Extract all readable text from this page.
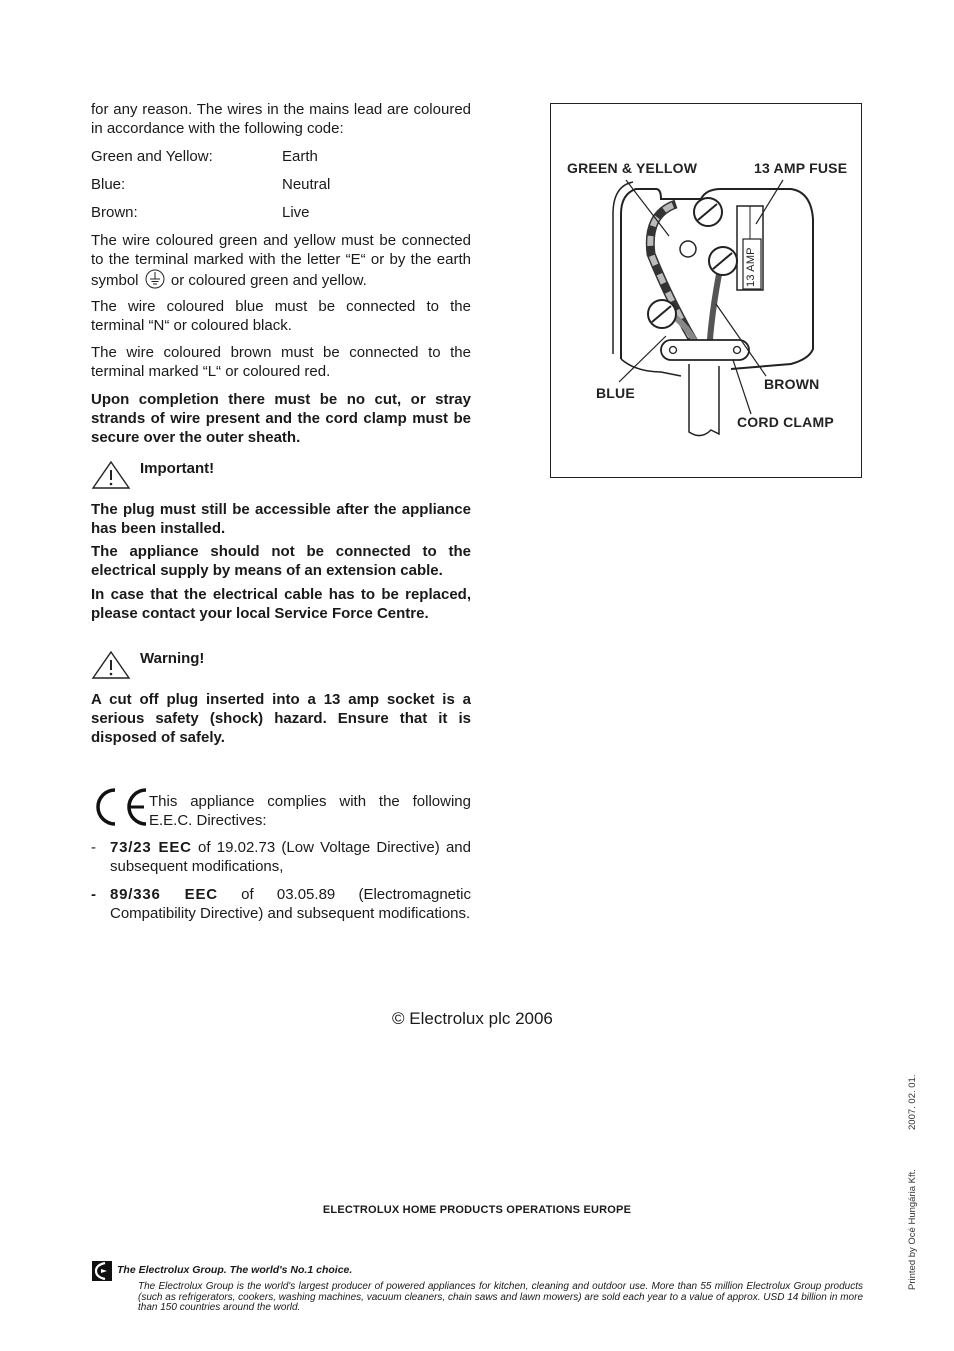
for any reason. The wires in the mains lead are coloured in accordance with the following code:

Green and Yellow:	Earth
Blue:	Neutral
Brown:	Live

The wire coloured green and yellow must be connected to the terminal marked with the letter “E“ or by the earth symbol or coloured green and yellow.

The wire coloured blue must be connected to the terminal “N“ or coloured black.

The wire coloured brown must be connected to the terminal marked “L“ or coloured red.

Upon completion there must be no cut, or stray strands of wire present and the cord clamp must be secure over the outer sheath.

Important!

The plug must still be accessible after the appliance has been installed.

The appliance should not be connected to the electrical supply by means of an extension cable.

In case that the electrical cable has to be replaced, please contact your local Service Force Centre.

Warning!

A cut off plug inserted into a 13 amp socket is a serious safety (shock) hazard. Ensure that it is disposed of safely.

This appliance complies with the following E.E.C. Directives:

- 73/23 EEC of 19.02.73 (Low Voltage Directive) and subsequent modifications,

- 89/336 EEC of 03.05.89 (Electromagnetic Compatibility Directive) and subsequent modifications.

GREEN & YELLOW	13 AMP FUSE
13 AMP
BLUE
BROWN
CORD CLAMP
© Electrolux plc 2006
2007. 02. 01.
Printed by Océ Hungária Kft.
ELECTROLUX HOME PRODUCTS OPERATIONS EUROPE
The Electrolux Group. The world's No.1 choice.

The Electrolux Group is the world's largest producer of powered appliances for kitchen, cleaning and outdoor use. More than 55 million Electrolux Group products (such as refrigerators, cookers, washing machines, vacuum cleaners, chain saws and lawn mowers) are sold each year to a value of approx. USD 14 billion in more than 150 countries around the world.
